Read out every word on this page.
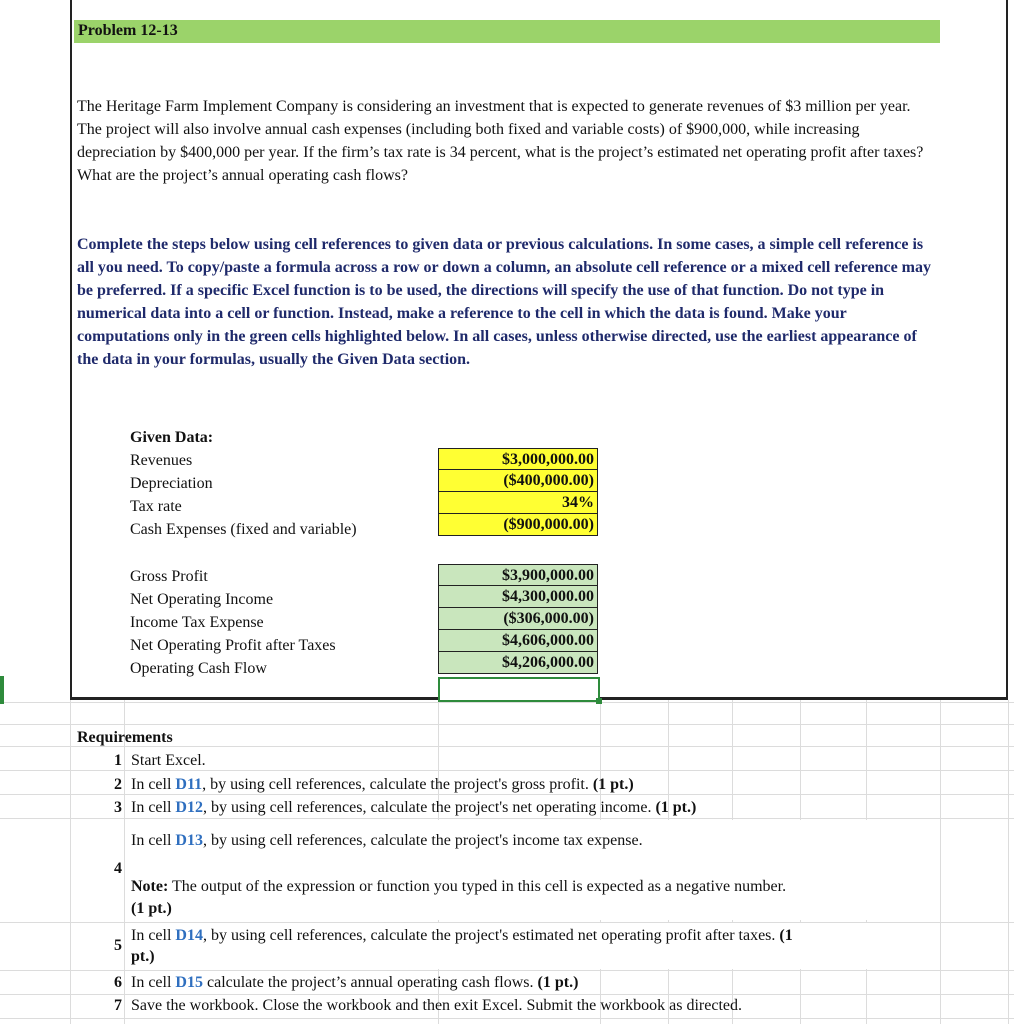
Problem 12-13
The Heritage Farm Implement Company is considering an investment that is expected to generate revenues of $3 million per year. The project will also involve annual cash expenses (including both fixed and variable costs) of $900,000, while increasing depreciation by $400,000 per year. If the firm’s tax rate is 34 percent, what is the project’s estimated net operating profit after taxes? What are the project’s annual operating cash flows?
Complete the steps below using cell references to given data or previous calculations. In some cases, a simple cell reference is all you need. To copy/paste a formula across a row or down a column, an absolute cell reference or a mixed cell reference may be preferred. If a specific Excel function is to be used, the directions will specify the use of that function. Do not type in numerical data into a cell or function. Instead, make a reference to the cell in which the data is found. Make your computations only in the green cells highlighted below. In all cases, unless otherwise directed, use the earliest appearance of the data in your formulas, usually the Given Data section.
Given Data:
Revenues
Depreciation
Tax rate
Cash Expenses (fixed and variable)
$3,000,000.00
($400,000.00)
34%
($900,000.00)
Gross Profit
Net Operating Income
Income Tax Expense
Net Operating Profit after Taxes
Operating Cash Flow
$3,900,000.00
$4,300,000.00
($306,000.00)
$4,606,000.00
$4,206,000.00
Requirements
1 Start Excel.
2 In cell D11, by using cell references, calculate the project's gross profit. (1 pt.)
3 In cell D12, by using cell references, calculate the project's net operating income. (1 pt.)
4
In cell D13, by using cell references, calculate the project's income tax expense.
Note: The output of the expression or function you typed in this cell is expected as a negative number.
(1 pt.)
5
In cell D14, by using cell references, calculate the project's estimated net operating profit after taxes. (1
pt.)
6 In cell D15 calculate the project’s annual operating cash flows. (1 pt.)
7 Save the workbook. Close the workbook and then exit Excel. Submit the workbook as directed.
